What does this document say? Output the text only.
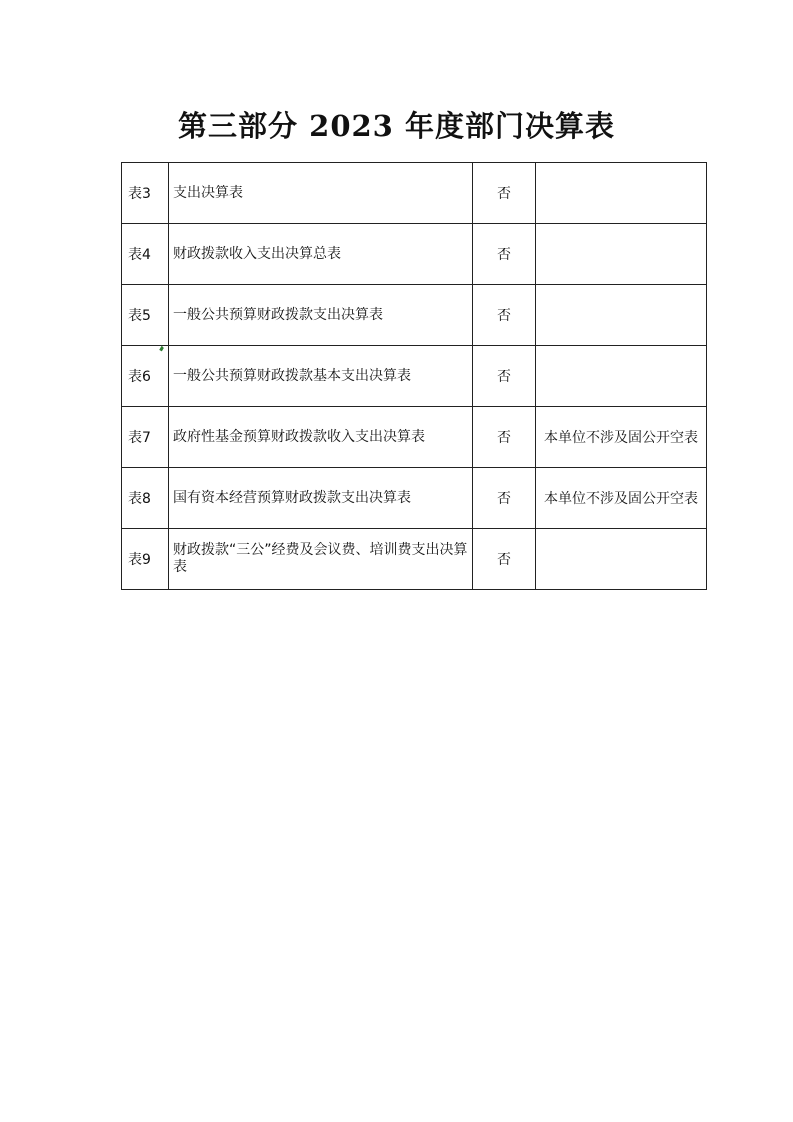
第三部分 2023 年度部门决算表
表3	支出决算表	否	
表4	财政拨款收入支出决算总表	否	
表5	一般公共预算财政拨款支出决算表	否	
表6	一般公共预算财政拨款基本支出决算表	否	
表7	政府性基金预算财政拨款收入支出决算表	否	本单位不涉及固公开空表
表8	国有资本经营预算财政拨款支出决算表	否	本单位不涉及固公开空表
表9	财政拨款“三公”经费及会议费、培训费支出决算表	否	
